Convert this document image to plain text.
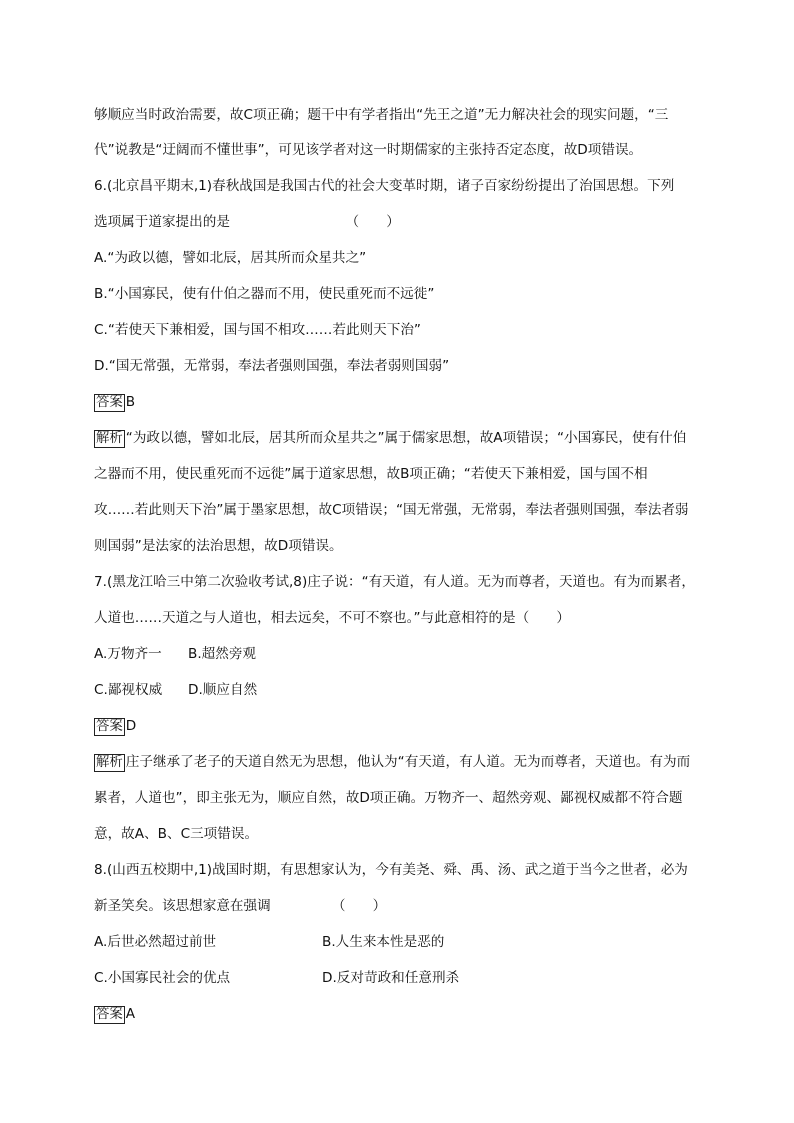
够顺应当时政治需要，故C项正确；题干中有学者指出“先王之道”无力解决社会的现实问题，“三
代”说教是“迂阔而不懂世事”，可见该学者对这一时期儒家的主张持否定态度，故D项错误。
6.(北京昌平期末,1)春秋战国是我国古代的社会大变革时期，诸子百家纷纷提出了治国思想。下列
选项属于道家提出的是　　　　　　　　　（　　）
A.“为政以德，譬如北辰，居其所而众星共之”
B.“小国寡民，使有什伯之器而不用，使民重死而不远徙”
C.“若使天下兼相爱，国与国不相攻……若此则天下治”
D.“国无常强，无常弱，奉法者强则国强，奉法者弱则国弱”
答案 B
解析 “为政以德，譬如北辰，居其所而众星共之”属于儒家思想，故A项错误；“小国寡民，使有什伯
之器而不用，使民重死而不远徙”属于道家思想，故B项正确；“若使天下兼相爱，国与国不相
攻……若此则天下治”属于墨家思想，故C项错误；“国无常强，无常弱，奉法者强则国强，奉法者弱
则国弱”是法家的法治思想，故D项错误。
7.(黑龙江哈三中第二次验收考试,8)庄子说：“有天道，有人道。无为而尊者，天道也。有为而累者，
人道也……天道之与人道也，相去远矣，不可不察也。”与此意相符的是（　　）
A.万物齐一 B.超然旁观
C.鄙视权威 D.顺应自然
答案 D
解析 庄子继承了老子的天道自然无为思想，他认为“有天道，有人道。无为而尊者，天道也。有为而
累者，人道也”，即主张无为，顺应自然，故D项正确。万物齐一、超然旁观、鄙视权威都不符合题
意，故A、B、C三项错误。
8.(山西五校期中,1)战国时期，有思想家认为，今有美尧、舜、禹、汤、武之道于当今之世者，必为
新圣笑矣。该思想家意在强调　　　　　（　　）
A.后世必然超过前世	B.人生来本性是恶的
C.小国寡民社会的优点	D.反对苛政和任意刑杀
答案 A
